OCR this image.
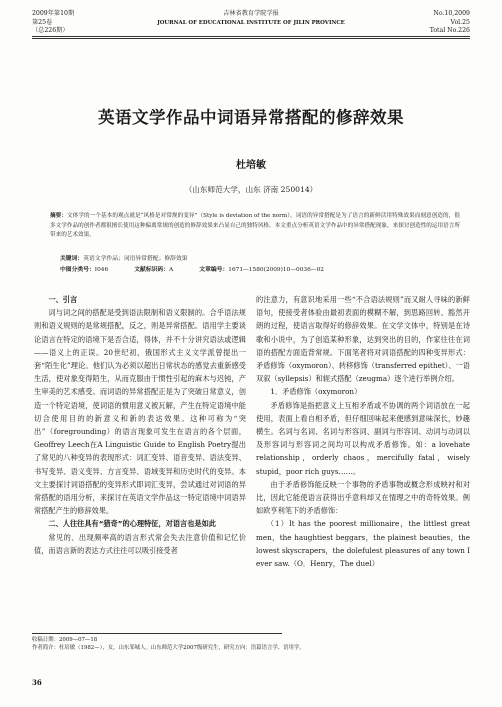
2009年第10期
第25卷
（总226期）
吉林省教育学院学报
JOURNAL OF EDUCATIONAL INSTITUTE OF JILIN PROVINCE
No.10,2009
Vol.25
Total No.226
英语文学作品中词语异常搭配的修辞效果
杜培敏
（山东师范大学，山东 济南 250014）
摘要：文体学的一个基本的观点就是“风格是对常规的变异”（Style is deviation of the norm）。词语的异常搭配是为了语言的新鲜活用特殊效果而刻意创造的，很多文学作品的创作者都很擅长使用这种偏离常规的创造的修辞效果来凸显自己的独特风格。本文重点分析英语文学作品中的异常搭配现象，来探讨创造性的运用语言所带来的艺术效果。
关键词：英语文学作品；词语异常搭配；修辞效果
中图分类号：I046	文献标识码：A	文章编号：1671—1580(2009)10—0036—02
一、引言

词与词之间的搭配是受到语法限制和语义限制的。合乎语法规则和语义规则的是常规搭配，反之，则是异常搭配。语用学主要谈论语言在特定的语境下是否合适，得体，并不十分讲究语法或逻辑——语义上的正误。20世纪初，俄国形式主义文学派曾提出一套“陌生化”理论。他们认为必须以超出日常状态的感觉去重新感受生活，使对象变得陌生，从而克服由于惯性引起的麻木与迟钝，产生审美的艺术感受。而词语的异常搭配正是为了突破日常意义，创造一个特定语境，使词语的惯用意义被瓦解，产生在特定语境中能切合使用目的的新意义和新的表达效果。这种可称为“突出”（foregrounding）的语言现象可发生在语言的各个层面，Geoffrey Leech在A Linguistic Guide to English Poetry提出了常见的八种变异的表现形式：词汇变异、语音变异、语法变异、书写变异、语义变异、方言变异、语域变异和历史时代的变异。本文主要探讨词语搭配的变异形式即词汇变异，尝试通过对词语的异常搭配的语用分析，来探讨在英语文学作品这一特定语境中词语异常搭配产生的修辞效果。

二、人往往具有“猎奇”的心理特征，对语言也是如此

常见的、出现频率高的语言形式常会失去注意价值和记忆价值，而语言新的表达方式往往可以吸引接受者

的注意力，有意识地采用一些“不合语法规则”而又耐人寻味的新鲜语句，使接受者体验由最初表面的模糊不解，到思路回转、豁然开朗的过程，使语言取得好的修辞效果。在文学文体中，特别是在诗歌和小说中，为了创造某种形象，达到突出的目的，作家往往在词语的搭配方面造背常规。下面笔者将对词语搭配的四种变异形式：矛盾修饰（oxymoron）、转移修饰（transferred epithet）、一语双叙（syllepsis）和轭式搭配（zeugma）逐个进行举例介绍。

1．矛盾修饰（oxymoron）

矛盾修饰是指把意义上互相矛盾或不协调的两个词语放在一起使用，表面上看自相矛盾，但仔细回味起来便感到意味深长，妙趣横生。名词与名词、名词与形容词、副词与形容词、动词与动词以及形容词与形容词之间均可以构成矛盾修饰。如：a lovehate relationship，orderly chaos，mercifully fatal，wisely stupid，poor rich guys……。

由于矛盾修饰能反映一个事物的矛盾事物或概念形成映衬和对比，因此它能使语言获得出乎意料却又在情理之中的奇特效果。例如欧亨利笔下的矛盾修饰：

（1）It has the poorest millionaire，the littlest great men，the haughtiest beggars，the plainest beauties，the lowest skyscrapers，the dolefulest pleasures of any town I ever saw.（O．Henry，The duel）

收稿日期：2009—07—18
作者简介：杜培敏（1982—），女，山东邹城人。山东师范大学2007级研究生，研究方向：语篇语言学、语用学。
36
